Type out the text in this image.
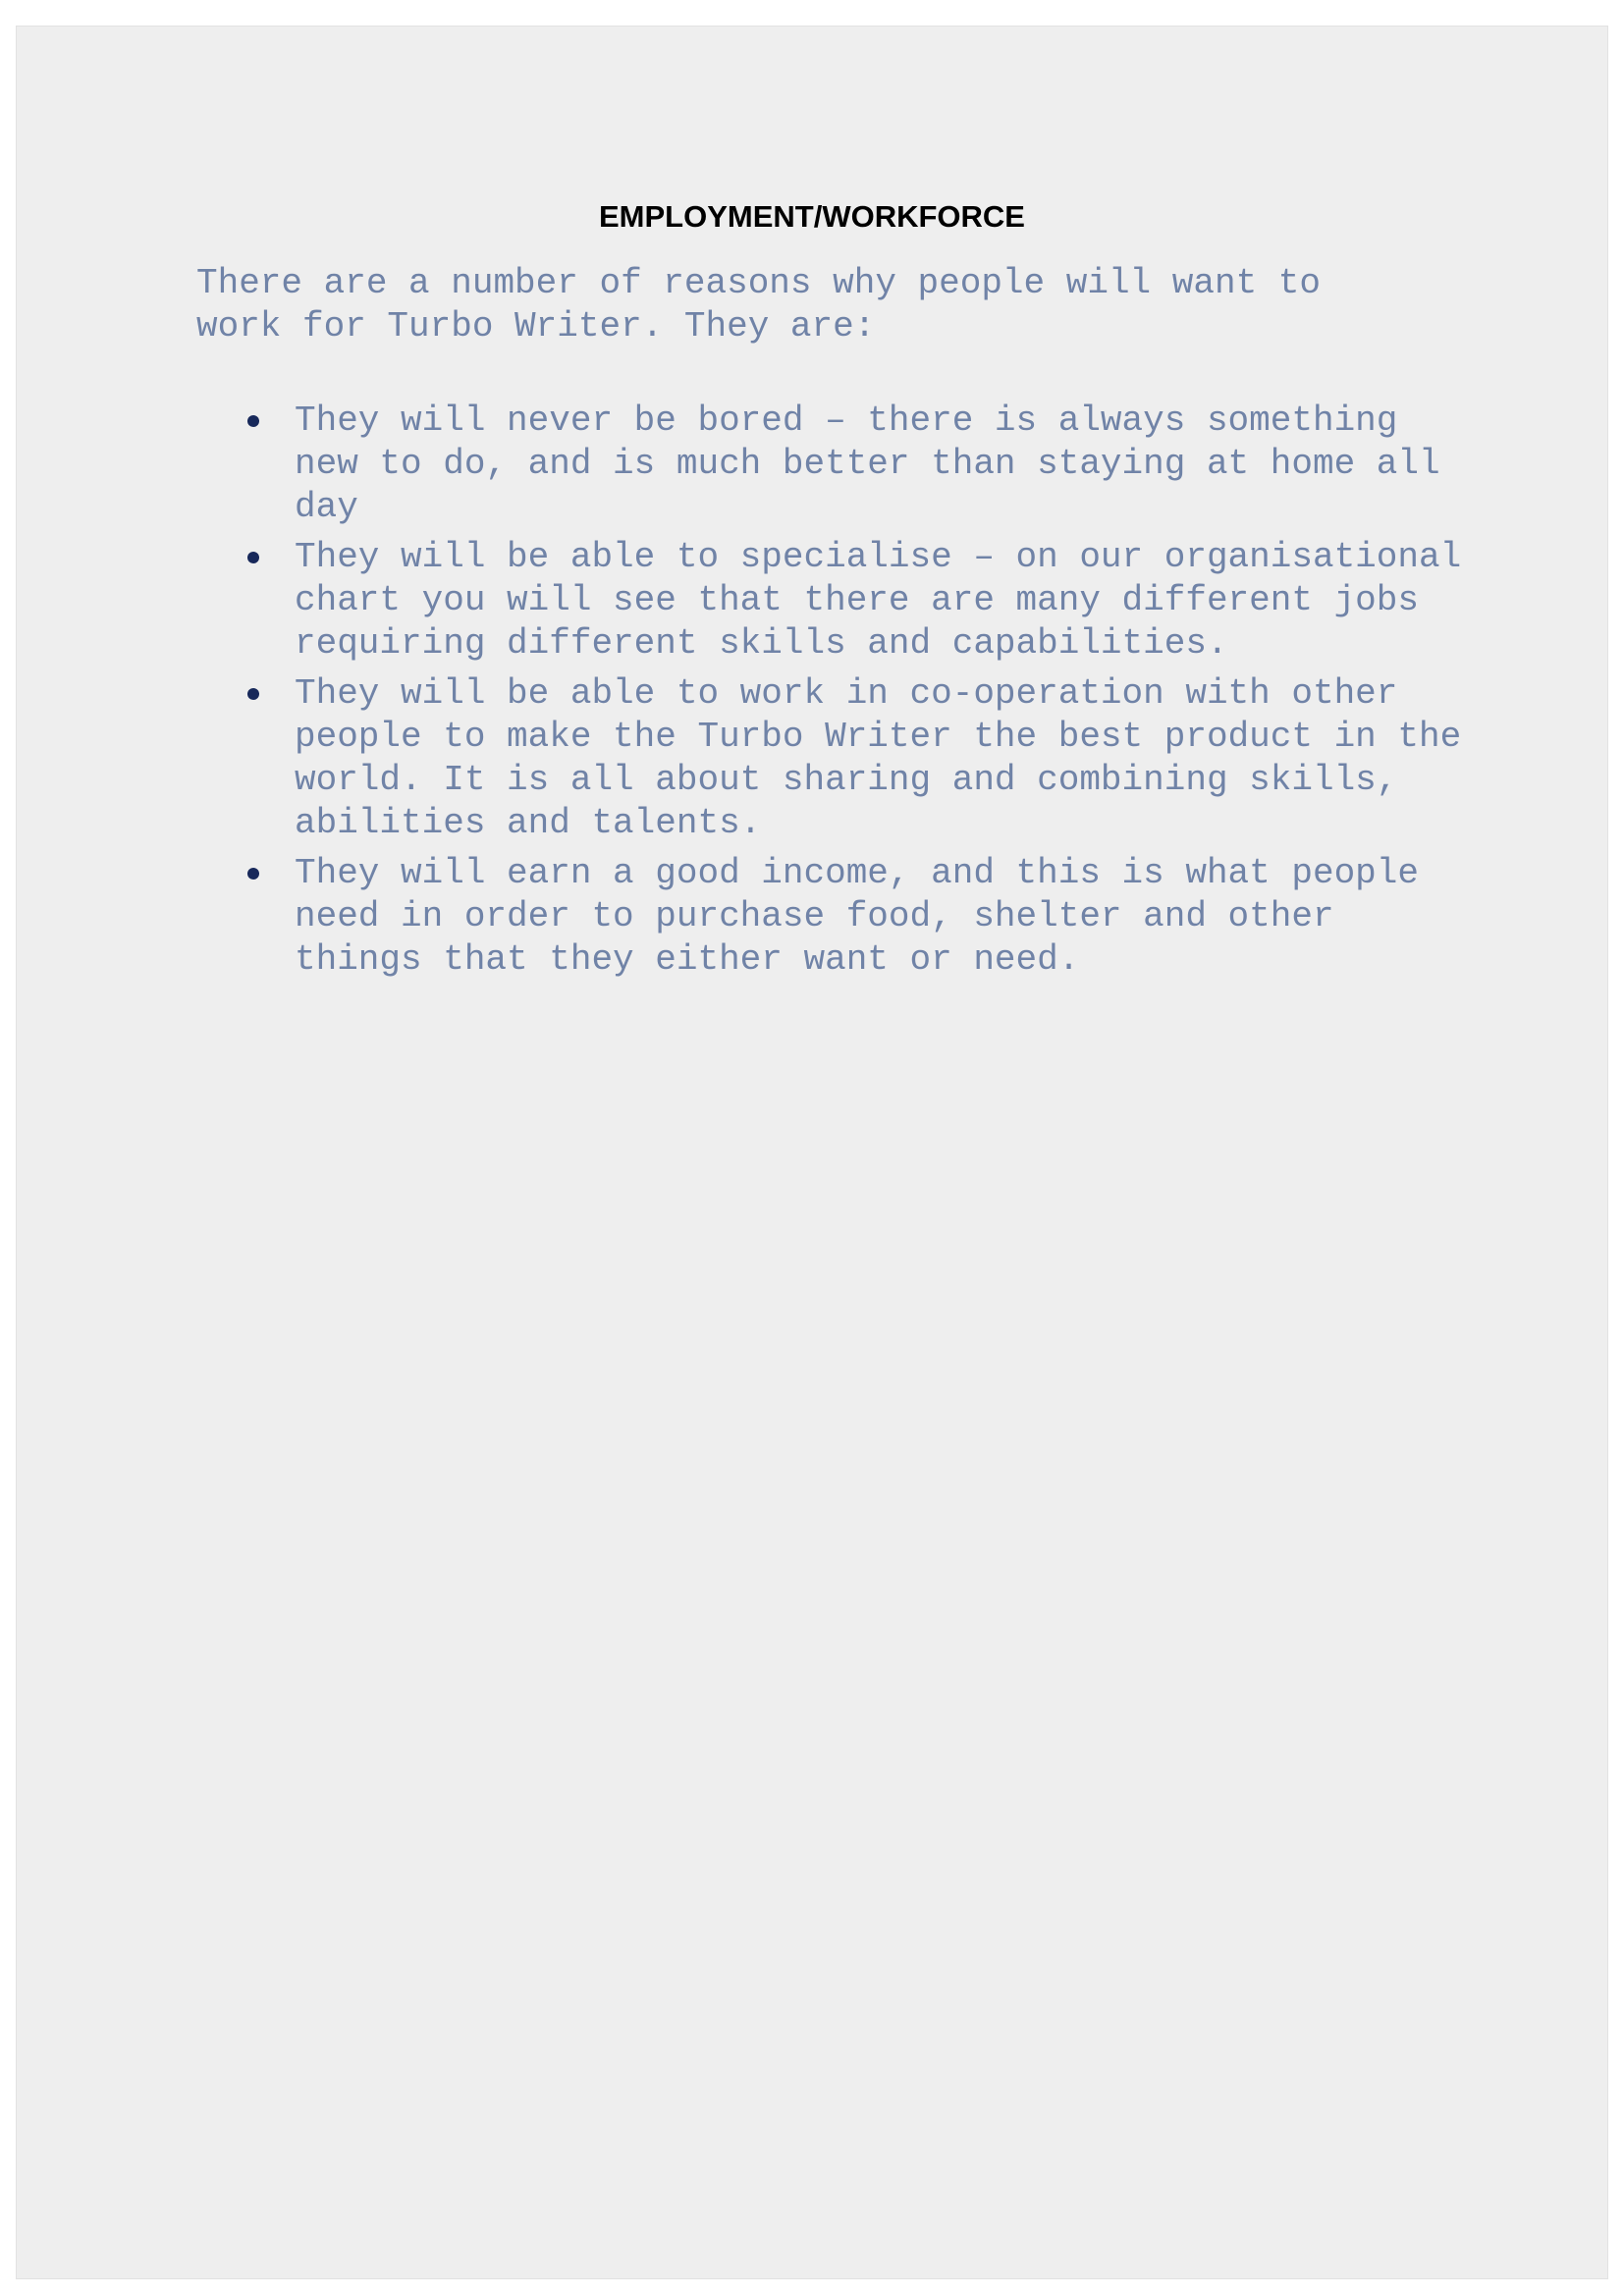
EMPLOYMENT/WORKFORCE

There are a number of reasons why people will want to work for Turbo Writer. They are:

They will never be bored – there is always something new to do, and is much better than staying at home all day
They will be able to specialise – on our organisational chart you will see that there are many different jobs requiring different skills and capabilities.
They will be able to work in co-operation with other people to make the Turbo Writer the best product in the world. It is all about sharing and combining skills, abilities and talents.
They will earn a good income, and this is what people need in order to purchase food, shelter and other things that they either want or need.
